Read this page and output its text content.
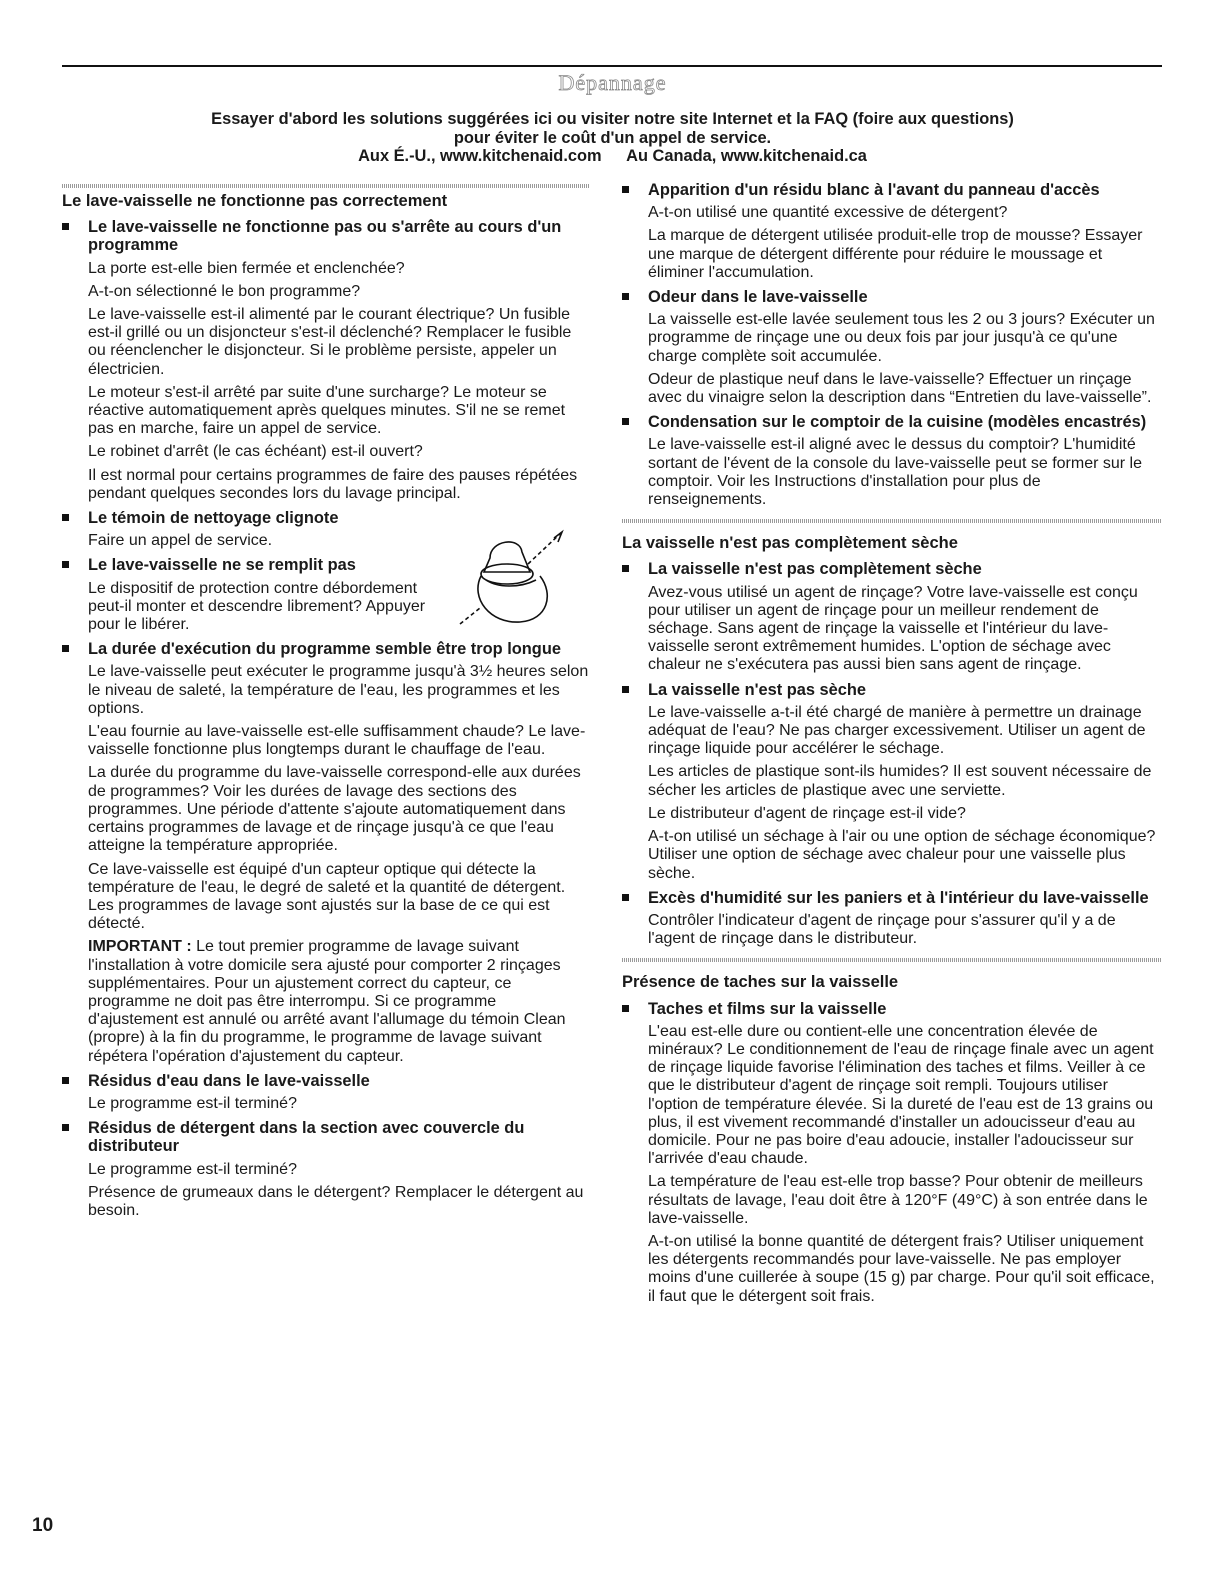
Dépannage
Essayer d'abord les solutions suggérées ici ou visiter notre site Internet et la FAQ (foire aux questions)
pour éviter le coût d'un appel de service.
Aux É.-U., www.kitchenaid.com Au Canada, www.kitchenaid.ca
Le lave-vaisselle ne fonctionne pas correctement
Le lave-vaisselle ne fonctionne pas ou s'arrête au cours d'un programme

La porte est-elle bien fermée et enclenchée?

A-t-on sélectionné le bon programme?

Le lave-vaisselle est-il alimenté par le courant électrique? Un fusible est-il grillé ou un disjoncteur s'est-il déclenché? Remplacer le fusible ou réenclencher le disjoncteur. Si le problème persiste, appeler un électricien.

Le moteur s'est-il arrêté par suite d'une surcharge? Le moteur se réactive automatiquement après quelques minutes. S'il ne se remet pas en marche, faire un appel de service.

Le robinet d'arrêt (le cas échéant) est-il ouvert?

Il est normal pour certains programmes de faire des pauses répétées pendant quelques secondes lors du lavage principal.

Le témoin de nettoyage clignote

Faire un appel de service.

Le lave-vaisselle ne se remplit pas

Le dispositif de protection contre débordement peut-il monter et descendre librement? Appuyer pour le libérer.

La durée d'exécution du programme semble être trop longue

Le lave-vaisselle peut exécuter le programme jusqu'à 3½ heures selon le niveau de saleté, la température de l'eau, les programmes et les options.

L'eau fournie au lave-vaisselle est-elle suffisamment chaude? Le lave-vaisselle fonctionne plus longtemps durant le chauffage de l'eau.

La durée du programme du lave-vaisselle correspond-elle aux durées de programmes? Voir les durées de lavage des sections des programmes. Une période d'attente s'ajoute automatiquement dans certains programmes de lavage et de rinçage jusqu'à ce que l'eau atteigne la température appropriée.

Ce lave-vaisselle est équipé d'un capteur optique qui détecte la température de l'eau, le degré de saleté et la quantité de détergent. Les programmes de lavage sont ajustés sur la base de ce qui est détecté.

IMPORTANT : Le tout premier programme de lavage suivant l'installation à votre domicile sera ajusté pour comporter 2 rinçages supplémentaires. Pour un ajustement correct du capteur, ce programme ne doit pas être interrompu. Si ce programme d'ajustement est annulé ou arrêté avant l'allumage du témoin Clean (propre) à la fin du programme, le programme de lavage suivant répétera l'opération d'ajustement du capteur.

Résidus d'eau dans le lave-vaisselle

Le programme est-il terminé?

Résidus de détergent dans la section avec couvercle du distributeur

Le programme est-il terminé?

Présence de grumeaux dans le détergent? Remplacer le détergent au besoin.

Apparition d'un résidu blanc à l'avant du panneau d'accès

A-t-on utilisé une quantité excessive de détergent?

La marque de détergent utilisée produit-elle trop de mousse? Essayer une marque de détergent différente pour réduire le moussage et éliminer l'accumulation.

Odeur dans le lave-vaisselle

La vaisselle est-elle lavée seulement tous les 2 ou 3 jours? Exécuter un programme de rinçage une ou deux fois par jour jusqu'à ce qu'une charge complète soit accumulée.

Odeur de plastique neuf dans le lave-vaisselle? Effectuer un rinçage avec du vinaigre selon la description dans “Entretien du lave-vaisselle”.

Condensation sur le comptoir de la cuisine (modèles encastrés)

Le lave-vaisselle est-il aligné avec le dessus du comptoir? L'humidité sortant de l'évent de la console du lave-vaisselle peut se former sur le comptoir. Voir les Instructions d'installation pour plus de renseignements.

La vaisselle n'est pas complètement sèche
La vaisselle n'est pas complètement sèche

Avez-vous utilisé un agent de rinçage? Votre lave-vaisselle est conçu pour utiliser un agent de rinçage pour un meilleur rendement de séchage. Sans agent de rinçage la vaisselle et l'intérieur du lave-vaisselle seront extrêmement humides. L'option de séchage avec chaleur ne s'exécutera pas aussi bien sans agent de rinçage.

La vaisselle n'est pas sèche

Le lave-vaisselle a-t-il été chargé de manière à permettre un drainage adéquat de l'eau? Ne pas charger excessivement. Utiliser un agent de rinçage liquide pour accélérer le séchage.

Les articles de plastique sont-ils humides? Il est souvent nécessaire de sécher les articles de plastique avec une serviette.

Le distributeur d'agent de rinçage est-il vide?

A-t-on utilisé un séchage à l'air ou une option de séchage économique? Utiliser une option de séchage avec chaleur pour une vaisselle plus sèche.

Excès d'humidité sur les paniers et à l'intérieur du lave-vaisselle

Contrôler l'indicateur d'agent de rinçage pour s'assurer qu'il y a de l'agent de rinçage dans le distributeur.

Présence de taches sur la vaisselle
Taches et films sur la vaisselle

L'eau est-elle dure ou contient-elle une concentration élevée de minéraux? Le conditionnement de l'eau de rinçage finale avec un agent de rinçage liquide favorise l'élimination des taches et films. Veiller à ce que le distributeur d'agent de rinçage soit rempli. Toujours utiliser l'option de température élevée. Si la dureté de l'eau est de 13 grains ou plus, il est vivement recommandé d'installer un adoucisseur d'eau au domicile. Pour ne pas boire d'eau adoucie, installer l'adoucisseur sur l'arrivée d'eau chaude.

La température de l'eau est-elle trop basse? Pour obtenir de meilleurs résultats de lavage, l'eau doit être à 120°F (49°C) à son entrée dans le lave-vaisselle.

A-t-on utilisé la bonne quantité de détergent frais? Utiliser uniquement les détergents recommandés pour lave-vaisselle. Ne pas employer moins d'une cuillerée à soupe (15 g) par charge. Pour qu'il soit efficace, il faut que le détergent soit frais.

10
